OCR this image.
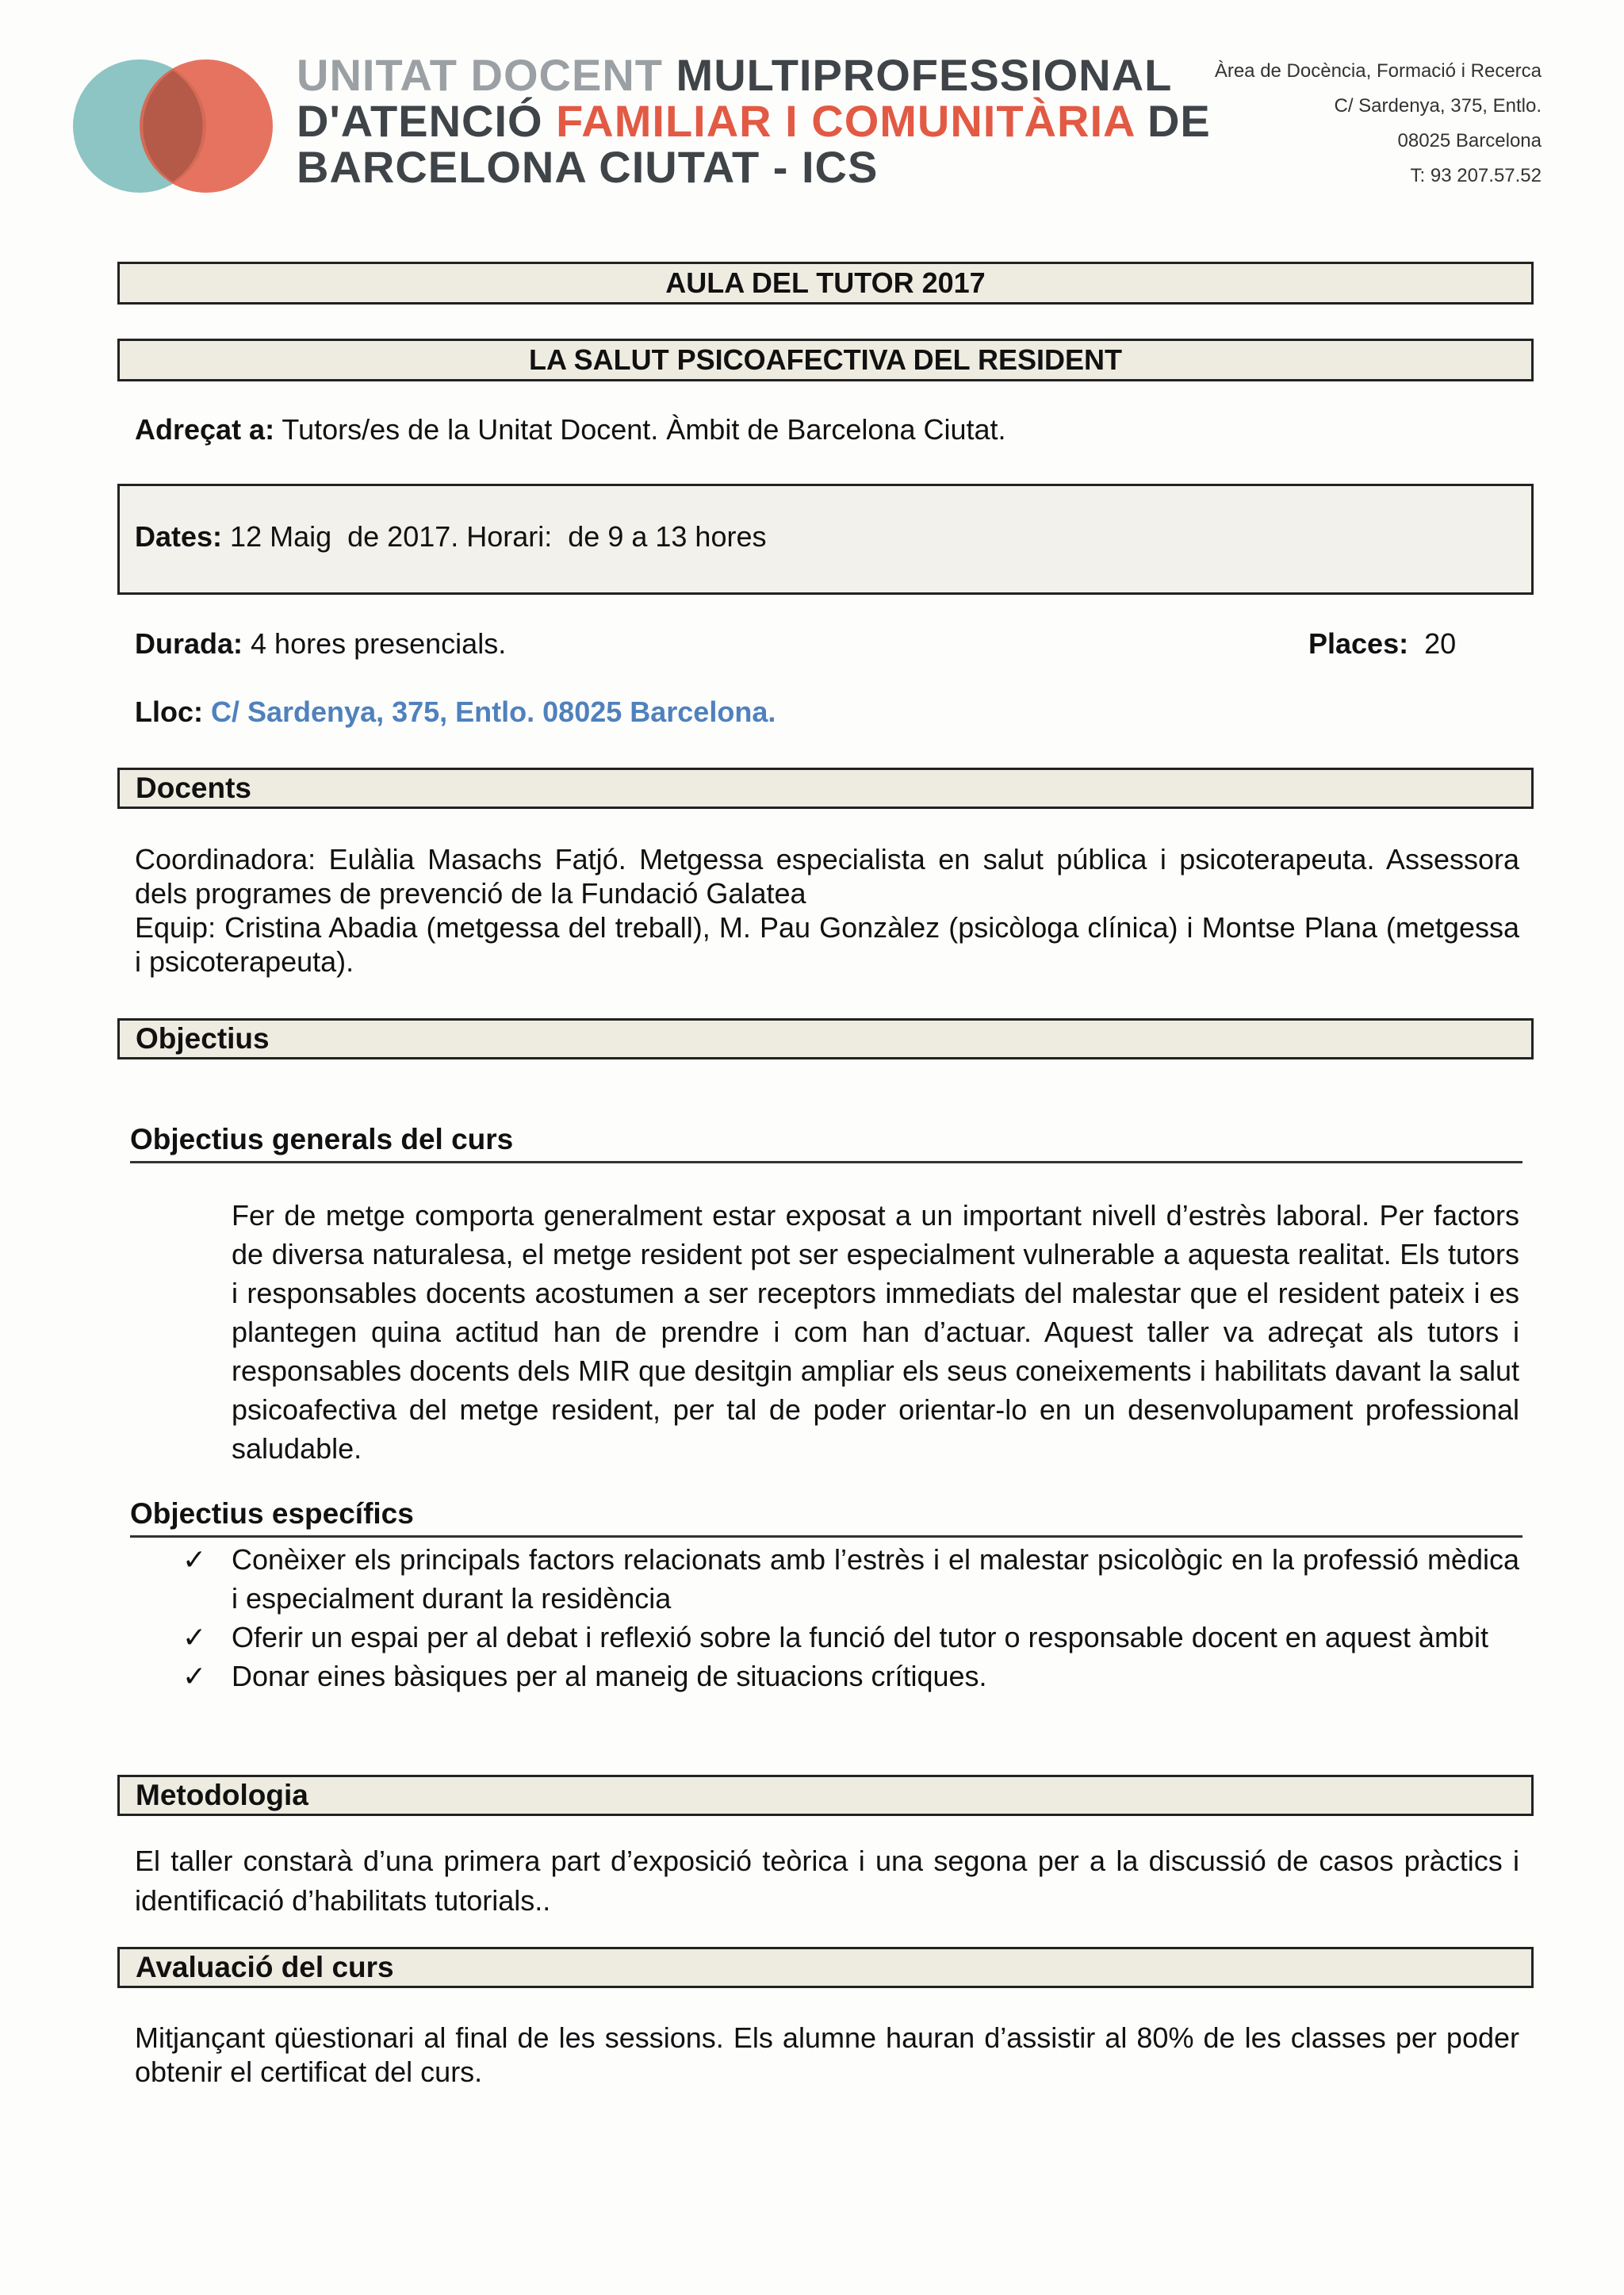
UNITAT DOCENT MULTIPROFESSIONAL
D'ATENCIÓ FAMILIAR I COMUNITÀRIA DE
BARCELONA CIUTAT - ICS
Àrea de Docència, Formació i Recerca
C/ Sardenya, 375, Entlo.
08025 Barcelona
T: 93 207.57.52
AULA DEL TUTOR 2017
LA SALUT PSICOAFECTIVA DEL RESIDENT
Adreçat a: Tutors/es de la Unitat Docent. Àmbit de Barcelona Ciutat.
Dates: 12 Maig  de 2017. Horari:  de 9 a 13 hores
Durada: 4 hores presencials.	Places:  20
Lloc: C/ Sardenya, 375, Entlo. 08025 Barcelona.
Docents

Coordinadora: Eulàlia Masachs Fatjó. Metgessa especialista en salut pública i psicoterapeuta. Assessora dels programes de prevenció de la Fundació Galatea

Equip: Cristina Abadia (metgessa del treball), M. Pau Gonzàlez (psicòloga clínica) i Montse Plana (metgessa i psicoterapeuta).

Objectius
Objectius generals del curs
Fer de metge comporta generalment estar exposat a un important nivell d’estrès laboral. Per factors de diversa naturalesa, el metge resident pot ser especialment vulnerable a aquesta realitat. Els tutors i responsables docents acostumen a ser receptors immediats del malestar que el resident pateix i es plantegen quina actitud han de prendre i com han d’actuar. Aquest taller va adreçat als tutors i responsables docents dels MIR que desitgin ampliar els seus coneixements i habilitats davant la salut psicoafectiva del metge resident, per tal de poder orientar-lo en un desenvolupament professional saludable.
Objectius específics
✓ Conèixer els principals factors relacionats amb l’estrès i el malestar psicològic en la professió mèdica i especialment durant la residència
✓ Oferir un espai per al debat i reflexió sobre la funció del tutor o responsable docent en aquest àmbit
✓ Donar eines bàsiques per al maneig de situacions crítiques.
Metodologia
El taller constarà d’una primera part d’exposició teòrica i una segona per a la discussió de casos pràctics i identificació d’habilitats tutorials..
Avaluació del curs
Mitjançant qüestionari al final de les sessions. Els alumne hauran d’assistir al 80% de les classes per poder obtenir el certificat del curs.
